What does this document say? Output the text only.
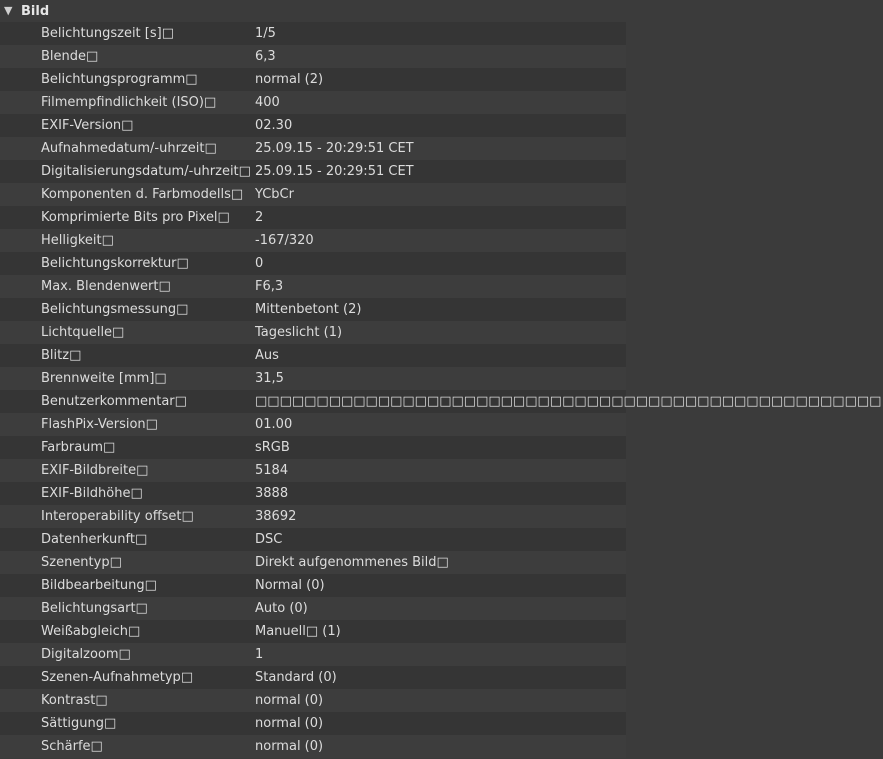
▼ Bild
Belichtungszeit [s]□	1/5
Blende□	6,3
Belichtungsprogramm□	normal (2)
Filmempfindlichkeit (ISO)□	400
EXIF-Version□	02.30
Aufnahmedatum/-uhrzeit□	25.09.15 - 20:29:51 CET
Digitalisierungsdatum/-uhrzeit□ 25.09.15 - 20:29:51 CET
Komponenten d. Farbmodells□ YCbCr
Komprimierte Bits pro Pixel□	2
Helligkeit□	-167/320
Belichtungskorrektur□	0
Max. Blendenwert□	F6,3
Belichtungsmessung□	Mittenbetont (2)
Lichtquelle□	Tageslicht (1)
Blitz□	Aus
Brennweite [mm]□	31,5
Benutzerkommentar□	□□□□□□□□□□□□□□□□□□□□□□□□□□□□□□□□□□□□□□□□□□□□□□□□□□□
FlashPix-Version□	01.00
Farbraum□	sRGB
EXIF-Bildbreite□	5184
EXIF-Bildhöhe□	3888
Interoperability offset□	38692
Datenherkunft□	DSC
Szenentyp□	Direkt aufgenommenes Bild□
Bildbearbeitung□	Normal (0)
Belichtungsart□	Auto (0)
Weißabgleich□	Manuell□ (1)
Digitalzoom□	1
Szenen-Aufnahmetyp□	Standard (0)
Kontrast□	normal (0)
Sättigung□	normal (0)
Schärfe□	normal (0)
